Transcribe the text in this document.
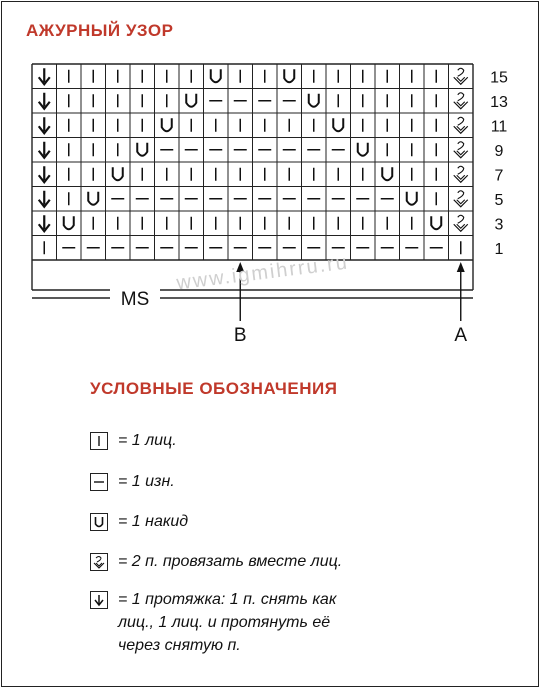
АЖУРНЫЙ УЗОР
15
13
11
9
7
5
3
1
MS
B	A
www.igmihrru.ru
УСЛОВНЫЕ ОБОЗНАЧЕНИЯ
= 1 лиц.
= 1 изн.
= 1 накид
= 2 п. провязать вместе лиц.
= 1 протяжка: 1 п. снять как
лиц., 1 лиц. и протянуть её
через снятую п.
